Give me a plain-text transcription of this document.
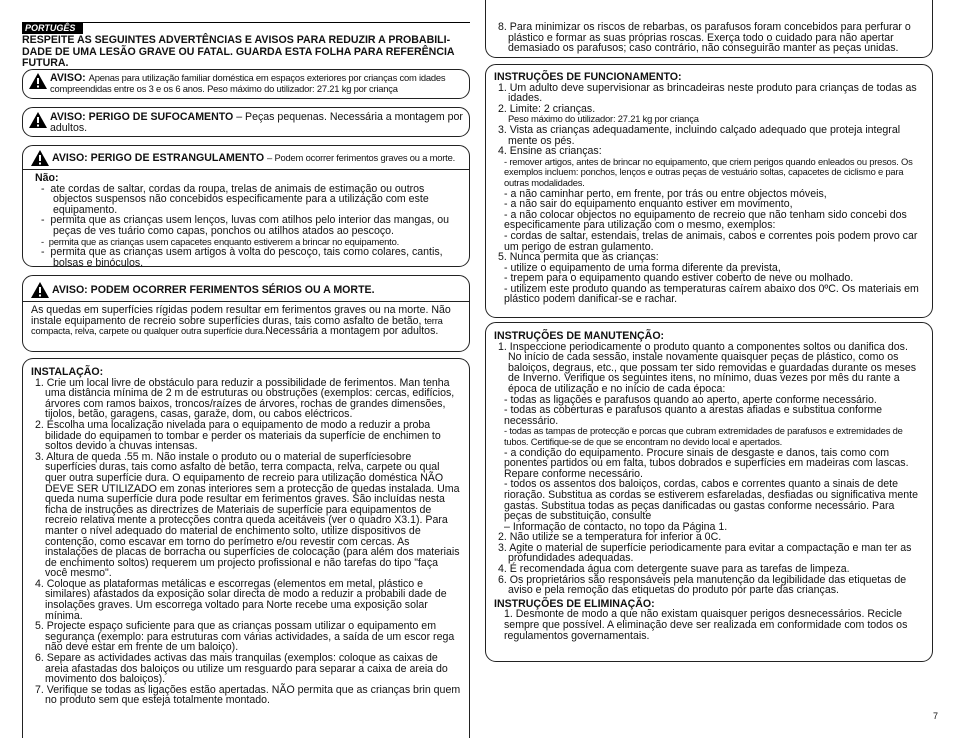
PORTUGÊS
RESPEITE AS SEGUINTES ADVERTÊNCIAS E AVISOS PARA REDUZIR A PROBABILI-DADE DE UMA LESÃO GRAVE OU FATAL. GUARDA ESTA FOLHA PARA REFERÊNCIA FUTURA.
AVISO: Apenas para utilização familiar doméstica em espaços exteriores por crianças com idades compreendidas entre os 3 e os 6 anos. Peso máximo do utilizador: 27.21 kg por criança
AVISO: PERIGO DE SUFOCAMENTO – Peças pequenas. Necessária a montagem por adultos.
AVISO: PERIGO DE ESTRANGULAMENTO – Podem ocorrer ferimentos graves ou a morte.
Não:
-  ate cordas de saltar, cordas da roupa, trelas de animais de estimação ou outros objectos suspensos não concebidos especificamente para a utilização com este equipamento.
-  permita que as crianças usem lenços, luvas com atilhos pelo interior das mangas, ou peças de ves tuário como capas, ponchos ou atilhos atados ao pescoço.
-  permita que as crianças usem capacetes enquanto estiverem a brincar no equipamento.
-  permita que as crianças usem artigos à volta do pescoço, tais como colares, cantis, bolsas e binóculos.
AVISO: PODEM OCORRER FERIMENTOS SÉRIOS OU A MORTE.
As quedas em superfícies rígidas podem resultar em ferimentos graves ou na morte. Não instale equipamento de recreio sobre superfícies duras, tais como asfalto de betão, terra compacta, relva, carpete ou qualquer outra superfície dura.Necessária a montagem por adultos.
INSTALAÇÃO:
1. Crie um local livre de obstáculo para reduzir a possibilidade de ferimentos. Man tenha uma distância mínima de 2 m de estruturas ou obstruções (exemplos: cercas, edifícios, árvores com ramos baixos, troncos/raízes de árvores, rochas de grandes dimensões, tijolos, betão, garagens, casas, garaže, dom, ou cabos eléctricos.
2. Escolha uma localização nivelada para o equipamento de modo a reduzir a proba bilidade do equipamen to tombar e perder os materiais da superfície de enchimen to soltos devido a chuvas intensas.
3. Altura de queda .55 m. Não instale o produto ou o material de superfíciesobre superfícies duras, tais como asfalto de betão, terra compacta, relva, carpete ou qual quer outra superfície dura. O equipamento de recreio para utilização doméstica NÃO DEVE SER UTILIZADO em zonas interiores sem a protecção de quedas instalada. Uma queda numa superfície dura pode resultar em ferimentos graves. São incluídas nesta ficha de instruções as directrizes de Materiais de superfície para equipamentos de recreio relativa mente a protecções contra queda aceitáveis (ver o quadro X3.1). Para manter o nível adequado do material de enchimento solto, utilize dispositivos de contenção, como escavar em torno do perímetro e/ou revestir com cercas. As instalações de placas de borracha ou superfícies de colocação (para além dos materiais de enchimento soltos) requerem um projecto profissional e não tarefas do tipo "faça você mesmo".
4. Coloque as plataformas metálicas e escorregas (elementos em metal, plástico e similares) afastados da exposição solar directa de modo a reduzir a probabili dade de insolações graves. Um escorrega voltado para Norte recebe uma exposição solar mínima.
5. Projecte espaço suficiente para que as crianças possam utilizar o equipamento em segurança (exemplo: para estruturas com várias actividades, a saída de um escor rega não deve estar em frente de um baloiço).
6. Separe as actividades activas das mais tranquilas (exemplos: coloque as caixas de areia afastadas dos baloiços ou utilize um resguardo para separar a caixa de areia do movimento dos baloiços).
7. Verifique se todas as ligações estão apertadas. NÃO permita que as crianças brin quem no produto sem que esteja totalmente montado.
8. Para minimizar os riscos de rebarbas, os parafusos foram concebidos para perfurar o plástico e formar as suas próprias roscas. Exerça todo o cuidado para não apertar demasiado os parafusos; caso contrário, não conseguirão manter as peças unidas.
INSTRUÇÕES DE FUNCIONAMENTO:
1. Um adulto deve supervisionar as brincadeiras neste produto para crianças de todas as idades.
2. Limite: 2 crianças.
Peso máximo do utilizador: 27.21 kg por criança
3. Vista as crianças adequadamente, incluindo calçado adequado que proteja integral mente os pés.
4. Ensine as crianças:
- remover artigos, antes de brincar no equipamento, que criem perigos quando enleados ou presos. Os exemplos incluem: ponchos, lenços e outras peças de vestuário soltas, capacetes de ciclismo e para outras modalidades.
- a não caminhar perto, em frente, por trás ou entre objectos móveis,
- a não sair do equipamento enquanto estiver em movimento,
- a não colocar objectos no equipamento de recreio que não tenham sido concebi dos especificamente para utilização com o mesmo, exemplos:
- cordas de saltar, estendais, trelas de animais, cabos e correntes pois podem provo car um perigo de estran gulamento.
5. Nunca permita que as crianças:
- utilize o equipamento de uma forma diferente da prevista,
- trepem para o equipamento quando estiver coberto de neve ou molhado.
- utilizem este produto quando as temperaturas caírem abaixo dos 0ºC. Os materiais em plástico podem danificar-se e rachar.
INSTRUÇÕES DE MANUTENÇÃO:
1. Inspeccione periodicamente o produto quanto a componentes soltos ou danifica dos. No início de cada sessão, instale novamente quaisquer peças de plástico, como os baloiços, degraus, etc., que possam ter sido removidas e guardadas durante os meses de Inverno. Verifique os seguintes itens, no mínimo, duas vezes por mês du rante a época de utilização e no início de cada época:
- todas as ligações e parafusos quando ao aperto, aperte conforme necessário.
- todas as coberturas e parafusos quanto a arestas afiadas e substitua conforme necessário.
- todas as tampas de protecção e porcas que cubram extremidades de parafusos e extremidades de tubos. Certifique-se de que se encontram no devido local e apertados.
- a condição do equipamento. Procure sinais de desgaste e danos, tais como com ponentes partidos ou em falta, tubos dobrados e superfícies em madeiras com lascas. Repare conforme necessário.
- todos os assentos dos baloiços, cordas, cabos e correntes quanto a sinais de dete rioração. Substitua as cordas se estiverem esfareladas, desfiadas ou significativa mente gastas. Substitua todas as peças danificadas ou gastas conforme necessário. Para peças de substituição, consulte
– Informação de contacto, no topo da Página 1.
2. Não utilize se a temperatura for inferior a 0C.
3. Agite o material de superfície periodicamente para evitar a compactação e man ter as profundidades adequadas.
4. É recomendada água com detergente suave para as tarefas de limpeza.
6. Os proprietários são responsáveis pela manutenção da legibilidade das etiquetas de aviso e pela remoção das etiquetas do produto por parte das crianças.
INSTRUÇÕES DE ELIMINAÇÃO:
1. Desmonte de modo a que não existam quaisquer perigos desnecessários. Recicle sempre que possível. A eliminação deve ser realizada em conformidade com todos os regulamentos governamentais.
7
